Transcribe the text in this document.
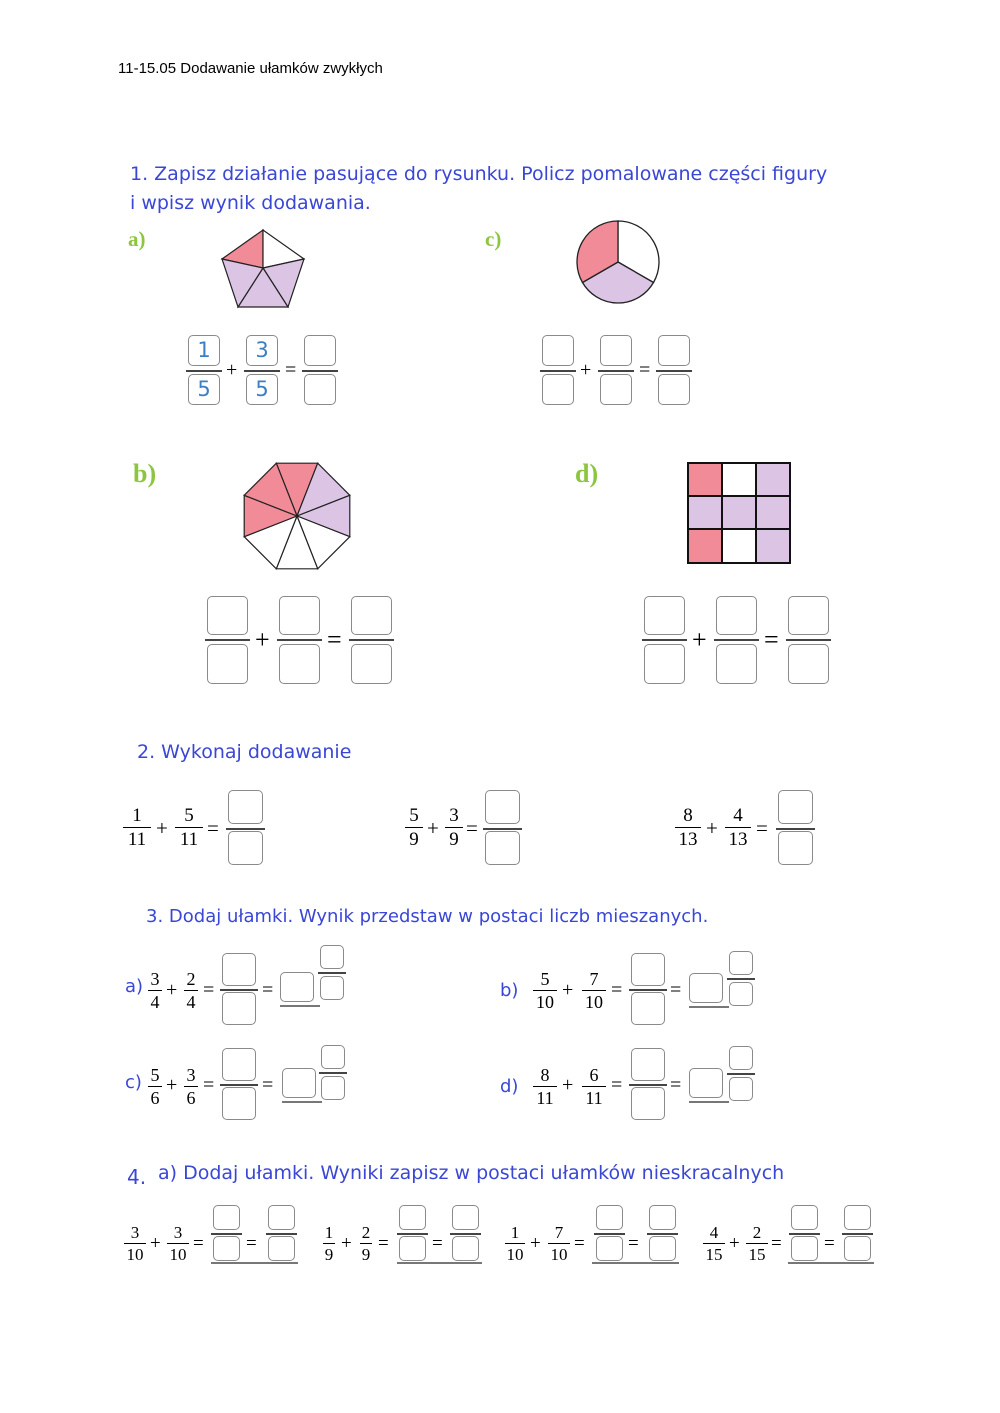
11-15.05 Dodawanie ułamków zwykłych
1. Zapisz działanie pasujące do rysunku. Policz pomalowane części figury
i wpisz wynik dodawania.
a)	c)
b)	d)
1
5
+
3
5
=	+ =
+ =	+ =
2. Wykonaj dodawanie
1
11 +
5
11 =
5
9 +
3
9 =
8
13 +
4
13 =
3. Dodaj ułamki. Wynik przedstaw w postaci liczb mieszanych.
a) 3
4
+ 2
4
= =	b)
5
10
+ 7
10
= =
c) 5
6
+ 3
6
= =	d)
8
11
+ 6
11
= =
4. a) Dodaj ułamki. Wyniki zapisz w postaci ułamków nieskracalnych
3
10
+
3
10
= =
1
9
+
2
9
= =
1
10
+
7
10
= =
4
15
+
2
15
= =
